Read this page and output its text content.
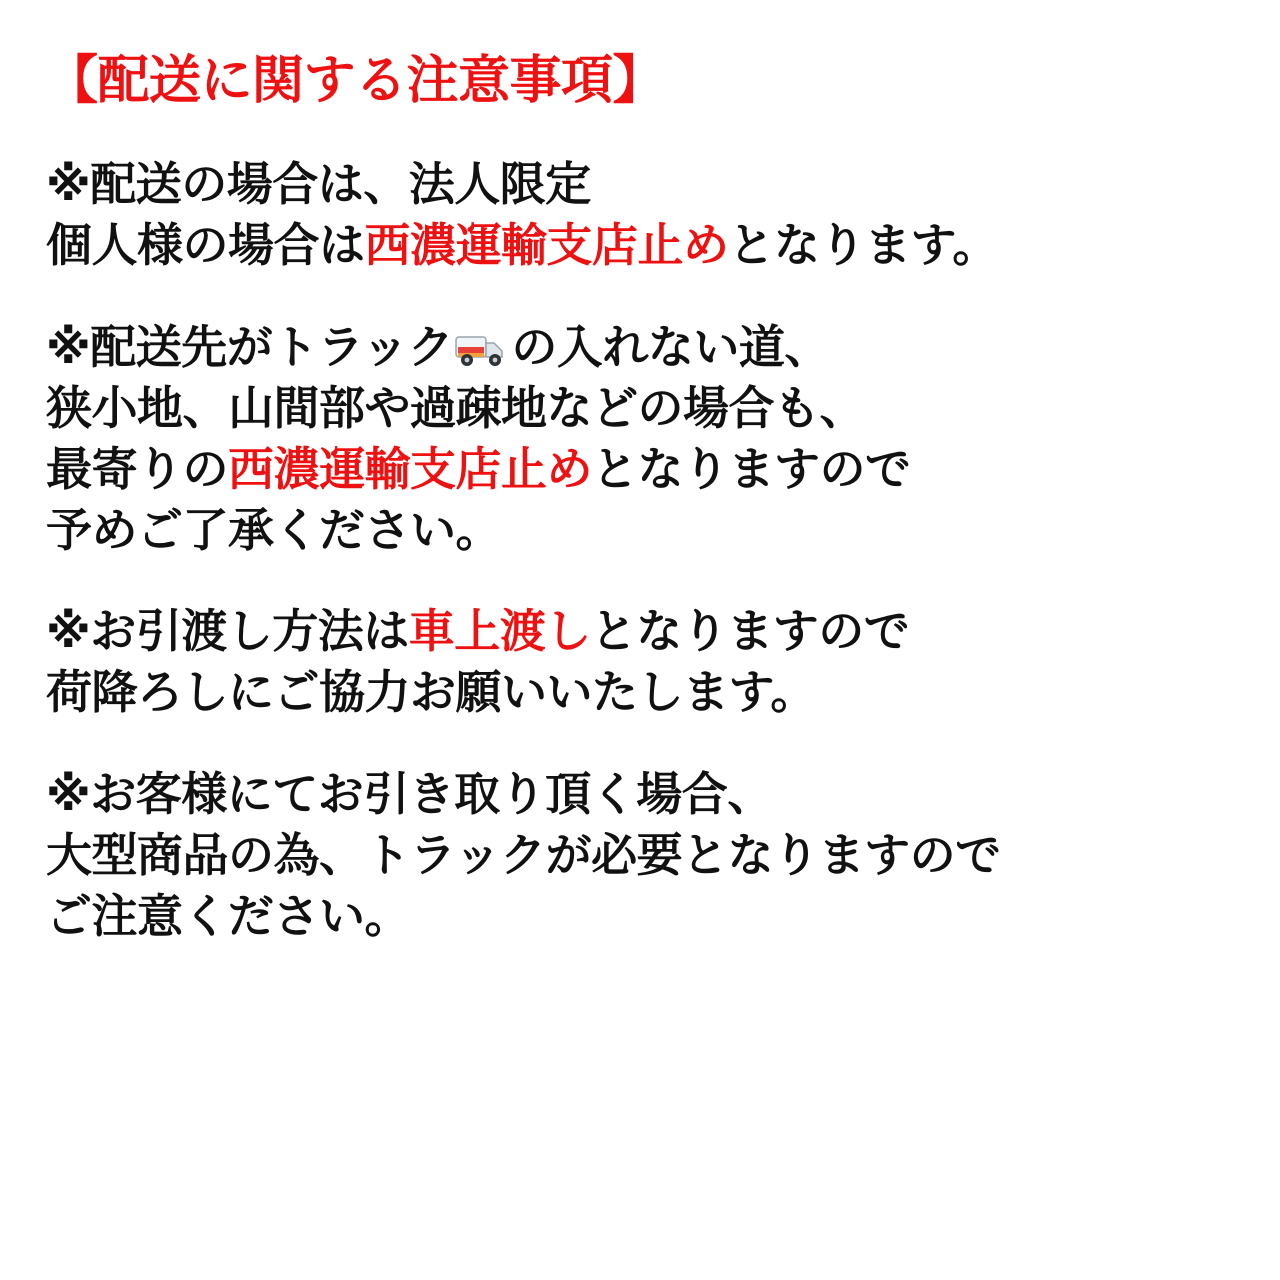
【配送に関する注意事項】
※配送の場合は、法人限定
個人様の場合は西濃運輸支店止めとなります。
※配送先がトラック の入れない道、
狭小地、山間部や過疎地などの場合も、
最寄りの西濃運輸支店止めとなりますので
予めご了承ください。
※お引渡し方法は車上渡しとなりますので
荷降ろしにご協力お願いいたします。
※お客様にてお引き取り頂く場合、
大型商品の為、トラックが必要となりますので
ご注意ください。
